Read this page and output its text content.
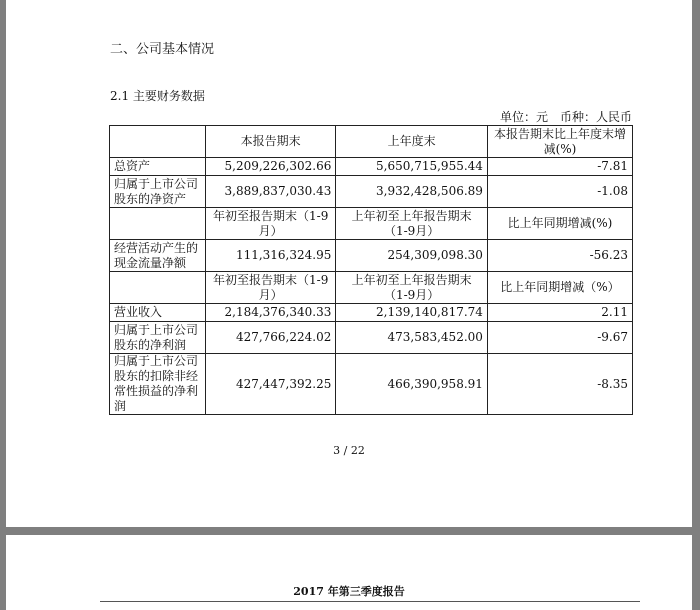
二、公司基本情况
2.1 主要财务数据
单位：元　币种：人民币
	本报告期末	上年度末	本报告期末比上年度末增减(%)
总资产	5,209,226,302.66	5,650,715,955.44	-7.81
归属于上市公司股东的净资产	3,889,837,030.43	3,932,428,506.89	-1.08
	年初至报告期末（1-9月）	上年初至上年报告期末（1-9月）	比上年同期增减(%)
经营活动产生的现金流量净额	111,316,324.95	254,309,098.30	-56.23
	年初至报告期末（1-9月）	上年初至上年报告期末（1-9月）	比上年同期增减（%）
营业收入	2,184,376,340.33	2,139,140,817.74	2.11
归属于上市公司股东的净利润	427,766,224.02	473,583,452.00	-9.67
归属于上市公司股东的扣除非经常性损益的净利润	427,447,392.25	466,390,958.91	-8.35
3 / 22
2017 年第三季度报告
